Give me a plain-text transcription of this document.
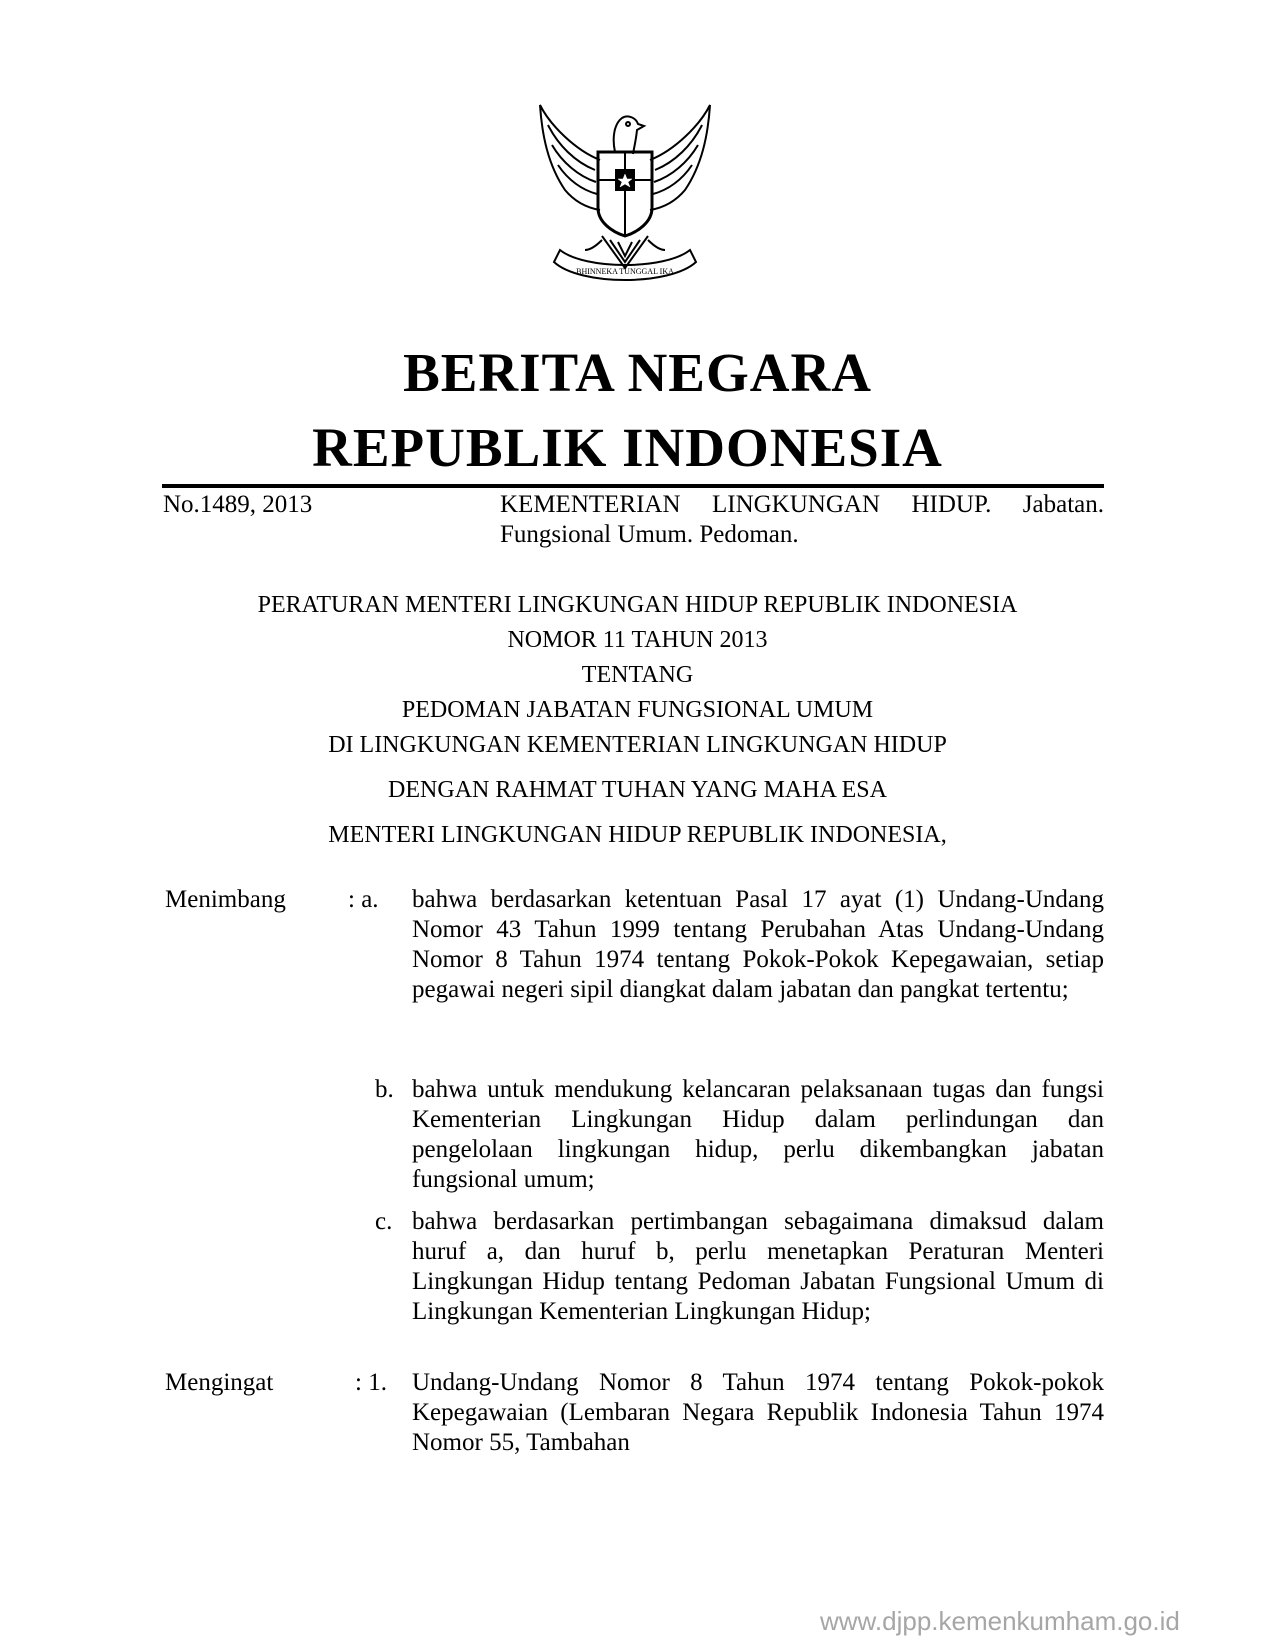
BHINNEKA TUNGGAL IKA
BERITA NEGARA
REPUBLIK INDONESIA
No.1489, 2013	KEMENTERIAN LINGKUNGAN HIDUP. Jabatan.
Fungsional Umum. Pedoman.
PERATURAN MENTERI LINGKUNGAN HIDUP REPUBLIK INDONESIA
NOMOR 11 TAHUN 2013
TENTANG
PEDOMAN JABATAN FUNGSIONAL UMUM
DI LINGKUNGAN KEMENTERIAN LINGKUNGAN HIDUP
DENGAN RAHMAT TUHAN YANG MAHA ESA
MENTERI LINGKUNGAN HIDUP REPUBLIK INDONESIA,
Menimbang : a. bahwa berdasarkan ketentuan Pasal 17 ayat (1) Undang-Undang Nomor 43 Tahun 1999 tentang Perubahan Atas Undang-Undang Nomor 8 Tahun 1974 tentang Pokok-Pokok Kepegawaian, setiap pegawai negeri sipil diangkat dalam jabatan dan pangkat tertentu;
b. bahwa untuk mendukung kelancaran pelaksanaan tugas dan fungsi Kementerian Lingkungan Hidup dalam perlindungan dan pengelolaan lingkungan hidup, perlu dikembangkan jabatan fungsional umum;
c. bahwa berdasarkan pertimbangan sebagaimana dimaksud dalam huruf a, dan huruf b, perlu menetapkan Peraturan Menteri Lingkungan Hidup tentang Pedoman Jabatan Fungsional Umum di Lingkungan Kementerian Lingkungan Hidup;
Mengingat	: 1. Undang-Undang Nomor 8 Tahun 1974 tentang Pokok-pokok Kepegawaian (Lembaran Negara Republik Indonesia Tahun 1974 Nomor 55, Tambahan
www.djpp.kemenkumham.go.id
